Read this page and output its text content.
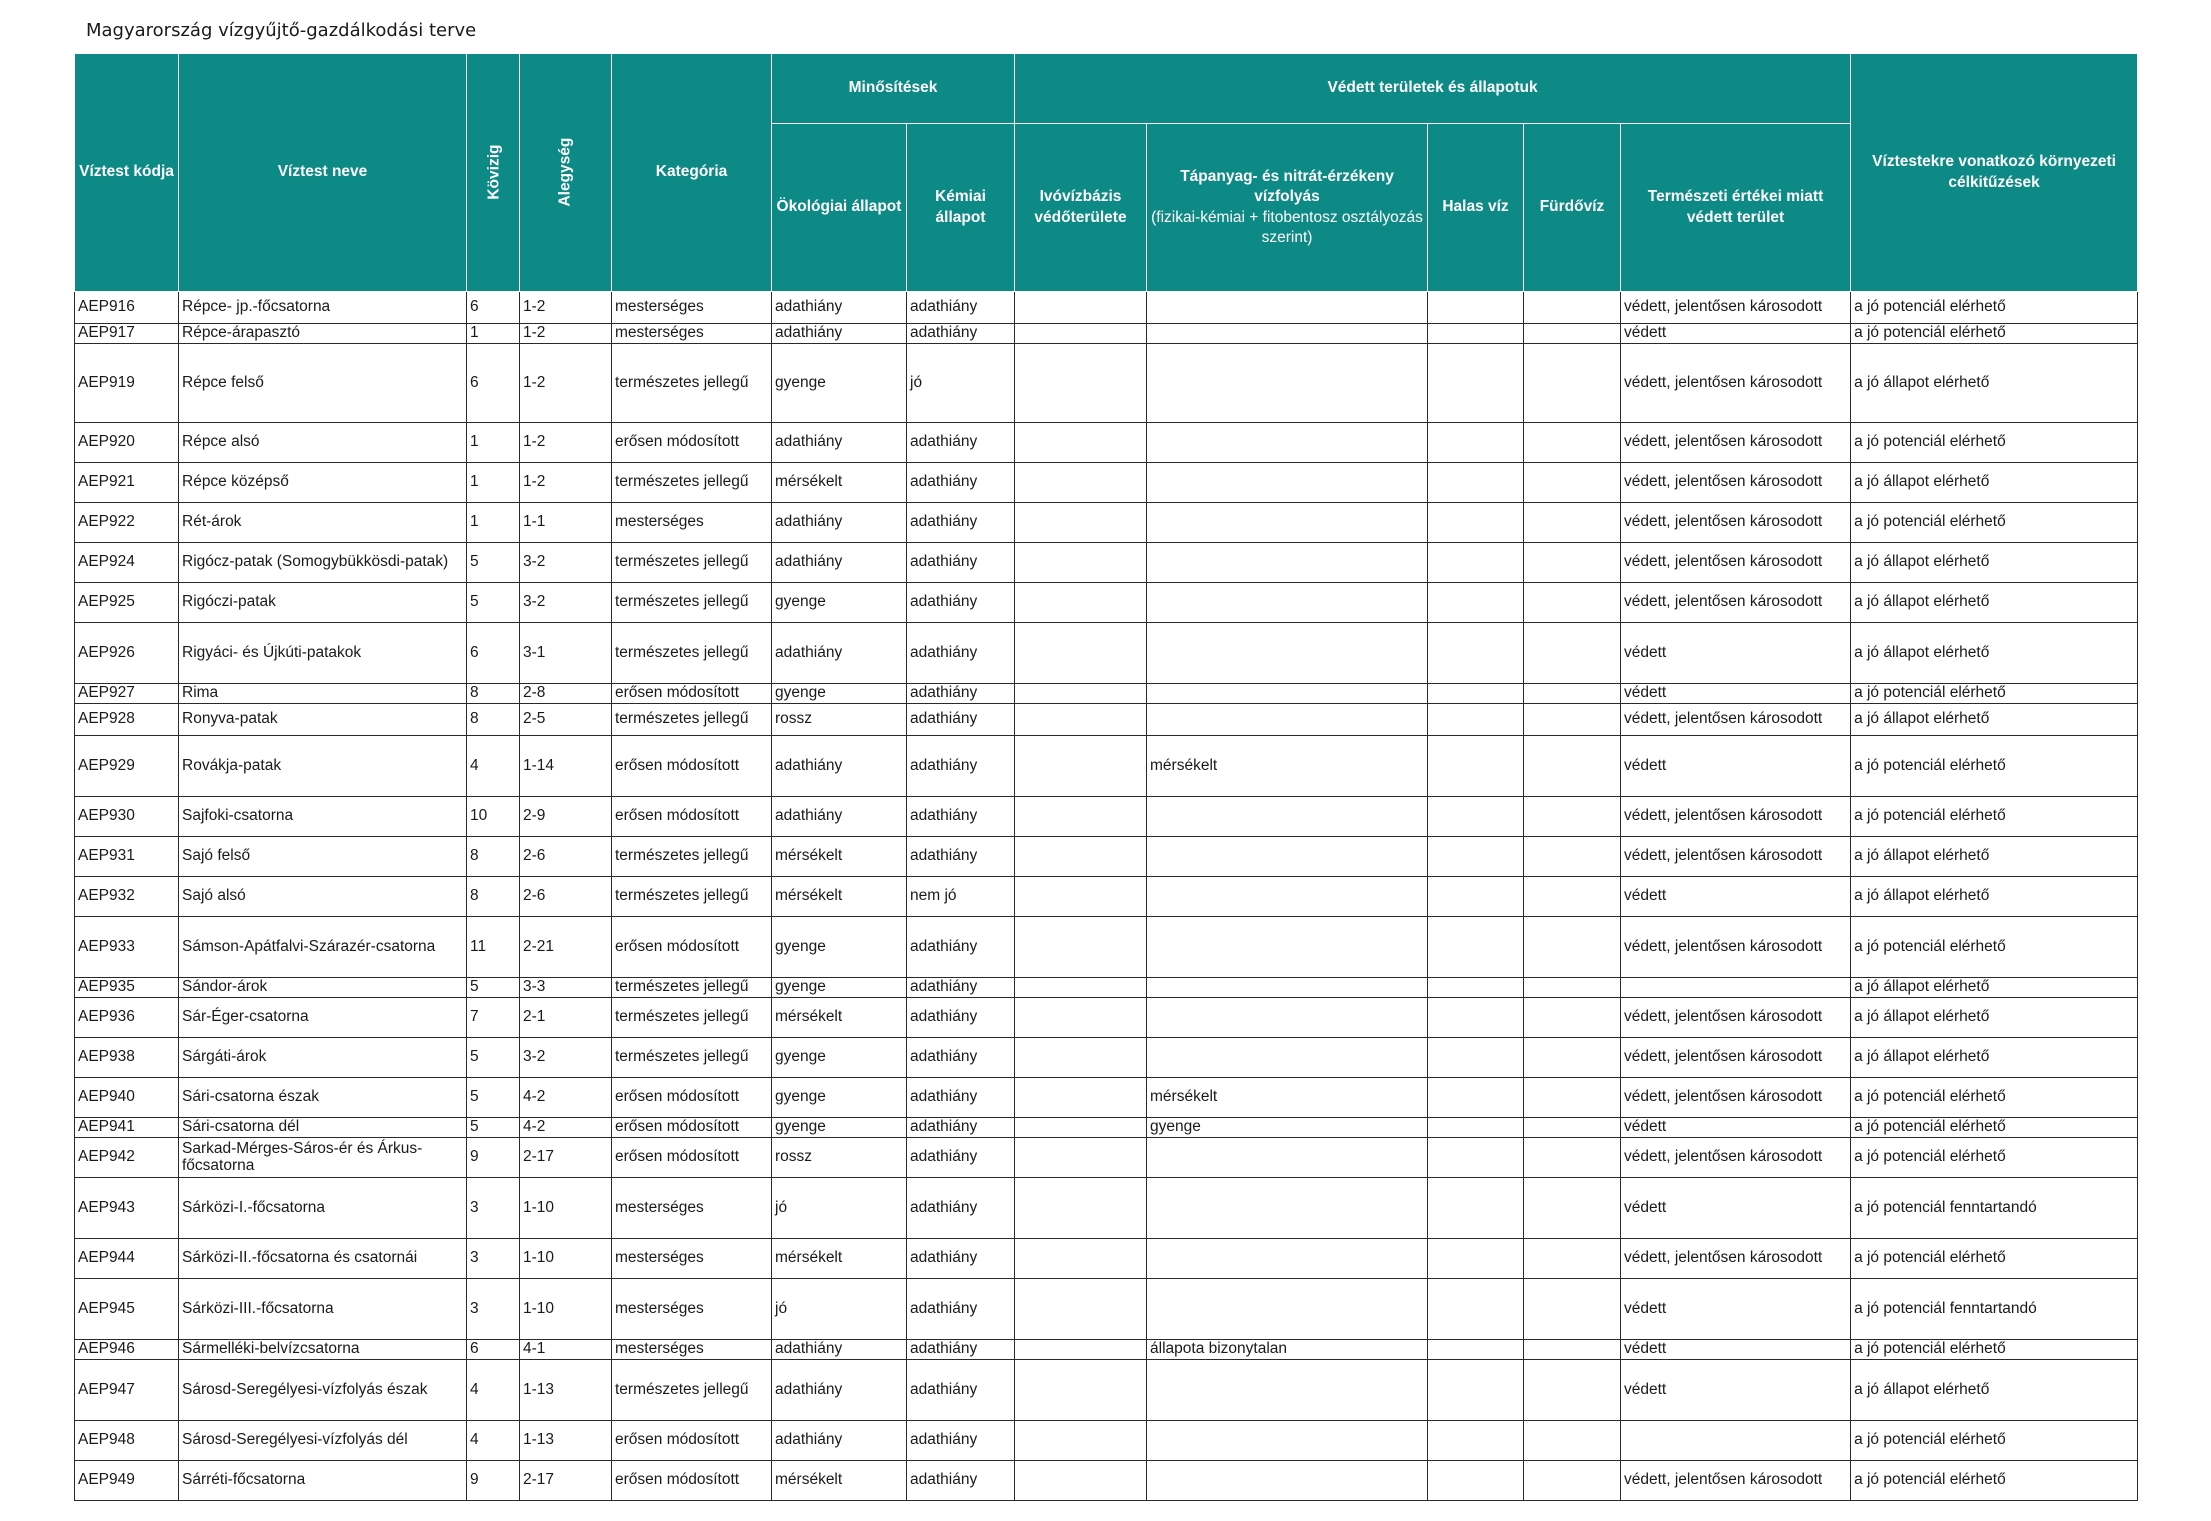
Magyarország vízgyűjtő-gazdálkodási terve
Víztest kódja	Víztest neve	Kövizig	Alegység	Kategória	Minősítések		Védett területek és állapotuk					Víztestekre vonatkozó környezeti célkitűzések
					Ökológiai állapot	Kémiai állapot	Ivóvízbázis védőterülete	Tápanyag- és nitrát-érzékeny vízfolyás
(fizikai-kémiai + fitobentosz osztályozás szerint)	Halas víz	Fürdővíz	Természeti értékei miatt védett terület	
AEP916	Répce- jp.-főcsatorna	6	1-2	mesterséges	adathiány	adathiány					védett, jelentősen károsodott	a jó potenciál elérhető
AEP917	Répce-árapasztó	1	1-2	mesterséges	adathiány	adathiány					védett	a jó potenciál elérhető
AEP919	Répce felső	6	1-2	természetes jellegű	gyenge	jó					védett, jelentősen károsodott	a jó állapot elérhető
AEP920	Répce alsó	1	1-2	erősen módosított	adathiány	adathiány					védett, jelentősen károsodott	a jó potenciál elérhető
AEP921	Répce középső	1	1-2	természetes jellegű	mérsékelt	adathiány					védett, jelentősen károsodott	a jó állapot elérhető
AEP922	Rét-árok	1	1-1	mesterséges	adathiány	adathiány					védett, jelentősen károsodott	a jó potenciál elérhető
AEP924	Rigócz-patak (Somogybükkösdi-patak)	5	3-2	természetes jellegű	adathiány	adathiány					védett, jelentősen károsodott	a jó állapot elérhető
AEP925	Rigóczi-patak	5	3-2	természetes jellegű	gyenge	adathiány					védett, jelentősen károsodott	a jó állapot elérhető
AEP926	Rigyáci- és Újkúti-patakok	6	3-1	természetes jellegű	adathiány	adathiány					védett	a jó állapot elérhető
AEP927	Rima	8	2-8	erősen módosított	gyenge	adathiány					védett	a jó potenciál elérhető
AEP928	Ronyva-patak	8	2-5	természetes jellegű	rossz	adathiány					védett, jelentősen károsodott	a jó állapot elérhető
AEP929	Rovákja-patak	4	1-14	erősen módosított	adathiány	adathiány		mérsékelt			védett	a jó potenciál elérhető
AEP930	Sajfoki-csatorna	10	2-9	erősen módosított	adathiány	adathiány					védett, jelentősen károsodott	a jó potenciál elérhető
AEP931	Sajó felső	8	2-6	természetes jellegű	mérsékelt	adathiány					védett, jelentősen károsodott	a jó állapot elérhető
AEP932	Sajó alsó	8	2-6	természetes jellegű	mérsékelt	nem jó					védett	a jó állapot elérhető
AEP933	Sámson-Apátfalvi-Szárazér-csatorna	11	2-21	erősen módosított	gyenge	adathiány					védett, jelentősen károsodott	a jó potenciál elérhető
AEP935	Sándor-árok	5	3-3	természetes jellegű	gyenge	adathiány						a jó állapot elérhető
AEP936	Sár-Éger-csatorna	7	2-1	természetes jellegű	mérsékelt	adathiány					védett, jelentősen károsodott	a jó állapot elérhető
AEP938	Sárgáti-árok	5	3-2	természetes jellegű	gyenge	adathiány					védett, jelentősen károsodott	a jó állapot elérhető
AEP940	Sári-csatorna észak	5	4-2	erősen módosított	gyenge	adathiány		mérsékelt			védett, jelentősen károsodott	a jó potenciál elérhető
AEP941	Sári-csatorna dél	5	4-2	erősen módosított	gyenge	adathiány		gyenge			védett	a jó potenciál elérhető
AEP942	Sarkad-Mérges-Sáros-ér és Árkus-főcsatorna	9	2-17	erősen módosított	rossz	adathiány					védett, jelentősen károsodott	a jó potenciál elérhető
AEP943	Sárközi-I.-főcsatorna	3	1-10	mesterséges	jó	adathiány					védett	a jó potenciál fenntartandó
AEP944	Sárközi-II.-főcsatorna és csatornái	3	1-10	mesterséges	mérsékelt	adathiány					védett, jelentősen károsodott	a jó potenciál elérhető
AEP945	Sárközi-III.-főcsatorna	3	1-10	mesterséges	jó	adathiány					védett	a jó potenciál fenntartandó
AEP946	Sármelléki-belvízcsatorna	6	4-1	mesterséges	adathiány	adathiány		állapota bizonytalan			védett	a jó potenciál elérhető
AEP947	Sárosd-Seregélyesi-vízfolyás észak	4	1-13	természetes jellegű	adathiány	adathiány					védett	a jó állapot elérhető
AEP948	Sárosd-Seregélyesi-vízfolyás dél	4	1-13	erősen módosított	adathiány	adathiány						a jó potenciál elérhető
AEP949	Sárréti-főcsatorna	9	2-17	erősen módosított	mérsékelt	adathiány					védett, jelentősen károsodott	a jó potenciál elérhető
